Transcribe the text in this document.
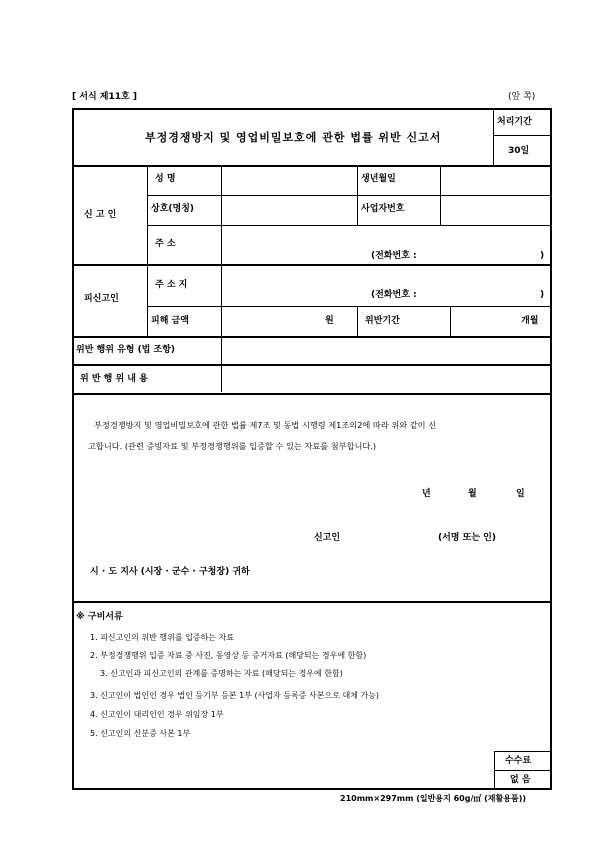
[ 서식 제11호 ]	(앞 쪽)
부정경쟁방지 및 영업비밀보호에 관한 법률 위반 신고서
처리기간
30일
신 고 인
성 명	생년월일
상호(명칭)	사업자번호
주 소
(전화번호 :	)
피신고인
주 소 지
(전화번호 :	)
피해 금액	원	위반기간	개월
위반 행위 유형 (법 조항)
위 반 행 위 내 용
부정경쟁방지 및 영업비밀보호에 관한 법률 제7조 및 동법 시행령 제1조의2에 따라 위와 같이 신
고합니다. (관련 증빙자료 및 부정경쟁행위를 입증할 수 있는 자료를 첨부합니다.)
년	월	일
신고인	(서명 또는 인)
시 · 도 지사 (시장 · 군수 · 구청장) 귀하
※ 구비서류
1. 피신고인의 위반 행위를 입증하는 자료
2. 부정경쟁행위 입증 자료 중 사진, 동영상 등 증거자료 (해당되는 경우에 한함)
3. 신고인과 피신고인의 관계를 증명하는 자료 (해당되는 경우에 한함)
3. 신고인이 법인인 경우 법인 등기부 등본 1부 (사업자 등록증 사본으로 대체 가능)
4. 신고인이 대리인인 경우 위임장 1부
5. 신고인의 신분증 사본 1부
수수료
없 음
210mm×297mm (일반용지 60g/㎡ (재활용품))
